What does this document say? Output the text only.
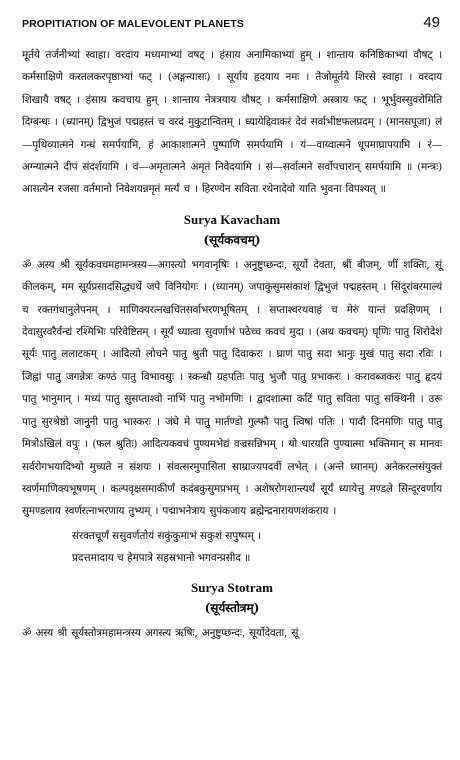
PROPITIATION OF MALEVOLENT PLANETS	49

मूर्तये तर्जनीभ्यां स्वाहा। वरदाय मध्यमाभ्यां वषट् । हंसाय अनामिकाभ्यां हुम् । शान्ताय कनिष्ठिकाभ्यां वौषट् । कर्मसाक्षिणे करतलकरपृष्ठाभ्यां फट् । (अङ्गन्यासः) । सूर्याय हृदयाय नमः । तेजोमूर्तये शिरसे स्वाहा । वरदाय शिखायै वषट् । हंसाय कवचाय हुम् । शान्ताय नेत्रत्रयाय वौषट् । कर्मसाक्षिणे अस्त्राय फट् । भूर्भुवस्सुवरोमिति दिग्बन्धः । (ध्यानम्) द्विभुजं पद्महस्तं च वरदं मुकुटान्वितम् । ध्यायेद्दिवाकरं देवं सर्वाभीष्टफलप्रदम् । (मानसपूजा) लं—पृथिव्यात्मने गन्धं समर्पयामि, हं आकाशात्मने पुष्पाणि समर्पयामि । यं—वाय्वात्मने धूपमाघ्रापयामि । रं—अग्न्यात्मने दीपं संदर्शयामि । वं—अमृतात्मने अमृतं निवेदयामि । सं—सर्वात्मने सर्वोपचारान् समर्पयामि ॥ (मन्त्रः) आसत्येन रजसा वर्तमानो निवेशयन्नमृतं मर्त्यं च । हिरण्येन सविता रथेनादेवो याति भुवना विपश्यत् ॥

Surya Kavacham
(सूर्यकवचम्)

ॐ अस्य श्री सूर्यकवचमहामन्त्रस्य—अगस्त्यो भगवानृषिः । अनुष्टुप्छन्दः, सूर्यो देवता, श्रीं बीजम्, णीं शक्तिः, सूं कीलकम्, मम सूर्यप्रसादसिद्ध्यर्थे जपे विनियोगः । (ध्यानम्) जपाकुसुमसंकाशं द्विभुजं पद्महस्तम् । सिंदूरांबरमाल्यं च रक्तगंधानुलेपनम् । माणिक्यरत्नखचितसर्वाभरणभूषितम् । सप्ताश्वरथवाहं च मेरुं यान्तं प्रदक्षिणम् । देवासुरवरैर्वन्द्यं रश्मिभिः परिवेष्टितम् । सूर्यं ध्यात्वा सुवर्णाभं पठेच्च कवचं मुदा । (अथ कवचम्) घृणिः पातु शिरोदेशं सूर्यः पातु ललाटकम् । आदित्यो लोचने पातु श्रुती पातु दिवाकरः । घ्राणं पातु सदा भानुः मुखं पातु सदा रविः । जिह्वां पातु जगन्नेत्रः कण्ठं पातु विभावसुः । स्कन्धौ ग्रहपतिः पातु भुजौ पातु प्रभाकरः । करावब्जकरः पातु हृदयं पातु भानुमान् । मध्यं पातु सुसप्ताश्वो नाभिं पातु नभोमणिः । द्वादशात्मा कटिं पातु सविता पातु सक्थिनी । उरू पातु सुरश्रेष्ठो जानुनी पातु भास्करः । जंघे मे पातु मार्तण्डो गुल्फौ पातु त्विषां पतिः । पादौ दिनमणिः पातु पातु मित्रोऽखिलं वपुः । (फल श्रुतिः) आदित्यकवचं पुण्यमभेद्यं वज्रसन्निभम् । यो धारयति पुण्यात्मा भक्तिमान् स मानवः सर्वरोगभयादिभ्यो मुच्यते न संशयः । संवत्सरमुपासिता साम्राज्यपदवीं लभेत् । (अन्ते ध्यानम्) अनेकरत्नसंयुक्तं स्वर्णमाणिक्यभूषणम् । कल्पवृक्षसमाकीर्णं कदंबकुसुमप्रभम् । अशेषरोगशान्त्यर्थं सूर्यं ध्यायेत्तु मण्डले सिन्दूरवर्णाय सुमण्डलाय स्वर्णरत्नाभरणाय तुभ्यम् । पद्माभनेत्राय सुपंकजाय ब्रह्मेन्द्रनारायणशंकराय ।

संरक्तचूर्णं ससुवर्णतोयं सकुंकुमाभं सकुशं सपुष्पम् ।

प्रदत्तमादाय च हेमपात्रे सहस्रभानो भगवन्प्रसीद ॥

Surya Stotram
(सूर्यस्तोत्रम्)

ॐ अस्य श्री सूर्यस्तोत्रमहामन्त्रस्य अगस्त्य ऋषिः, अनुष्टुप्छन्दः, सूर्योदेवता, सूं
